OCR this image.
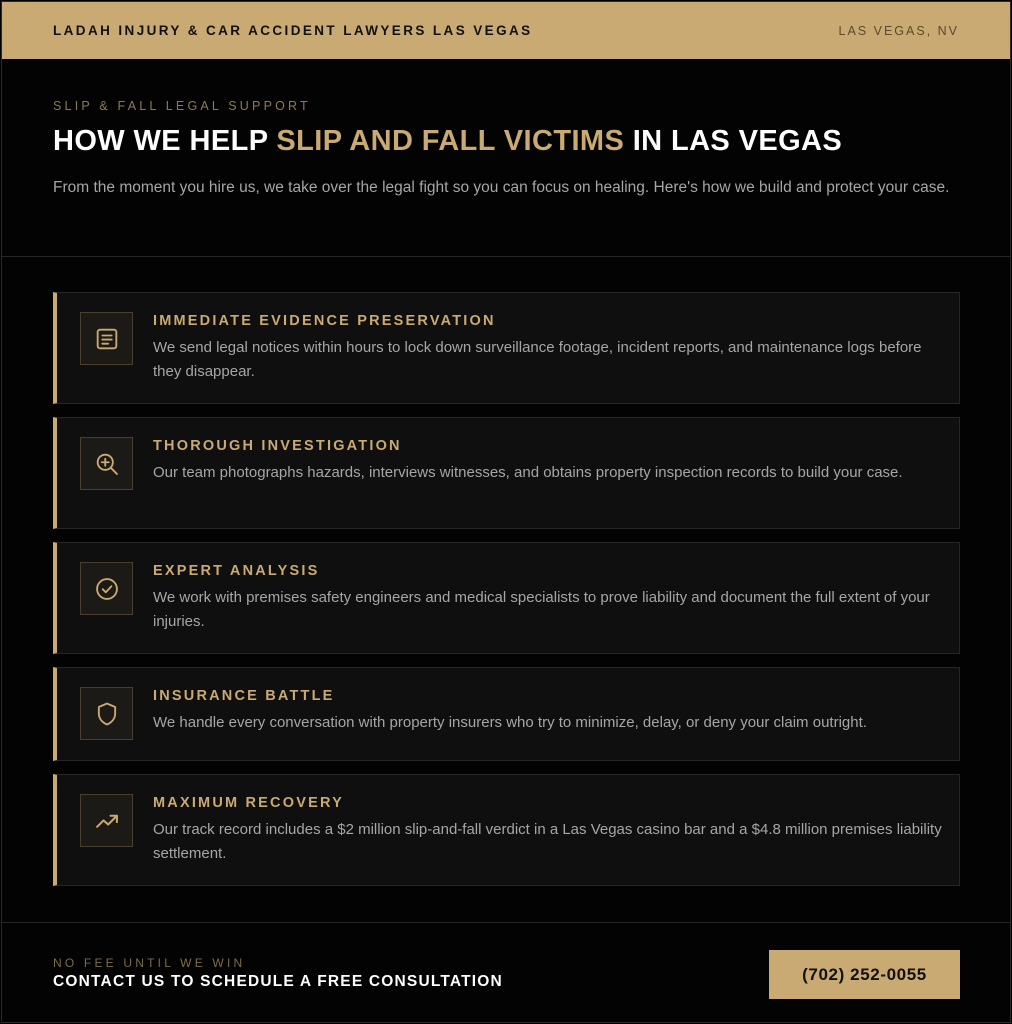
LADAH INJURY & CAR ACCIDENT LAWYERS LAS VEGAS	LAS VEGAS, NV
SLIP & FALL LEGAL SUPPORT
HOW WE HELP SLIP AND FALL VICTIMS IN LAS VEGAS

From the moment you hire us, we take over the legal fight so you can focus on healing. Here's how we build and protect your case.

IMMEDIATE EVIDENCE PRESERVATION
We send legal notices within hours to lock down surveillance footage, incident reports, and maintenance logs before they disappear.
THOROUGH INVESTIGATION
Our team photographs hazards, interviews witnesses, and obtains property inspection records to build your case.
EXPERT ANALYSIS
We work with premises safety engineers and medical specialists to prove liability and document the full extent of your injuries.
INSURANCE BATTLE
We handle every conversation with property insurers who try to minimize, delay, or deny your claim outright.
MAXIMUM RECOVERY
Our track record includes a $2 million slip-and-fall verdict in a Las Vegas casino bar and a $4.8 million premises liability settlement.
NO FEE UNTIL WE WIN
CONTACT US TO SCHEDULE A FREE CONSULTATION	(702) 252-0055
